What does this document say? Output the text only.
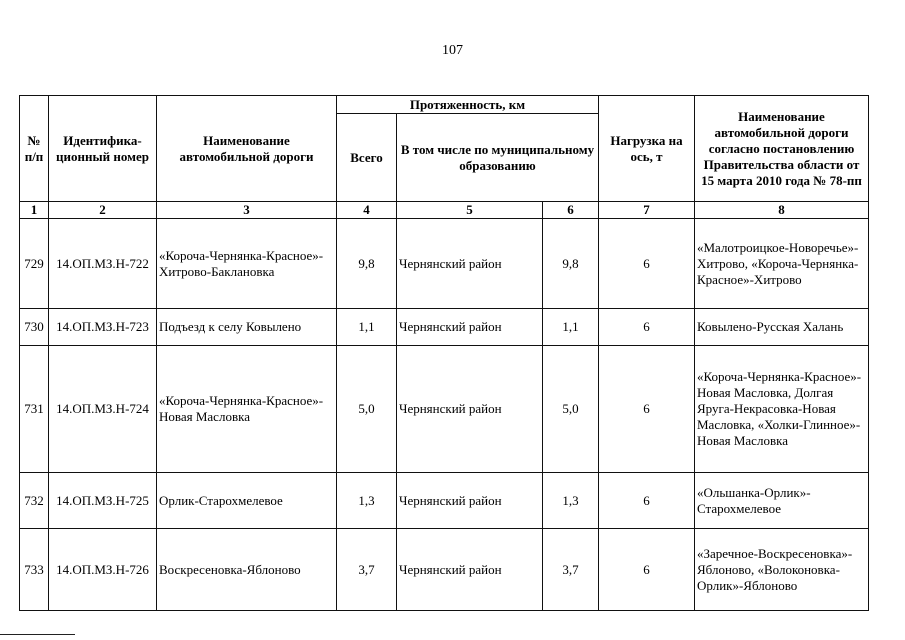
107
№ п/п	Идентифика-ционный номер	Наименование автомобильной дороги	Протяженность, км			Нагрузка на ось, т	Наименование автомобильной дороги согласно постановлению Правительства области от 15 марта 2010 года № 78-пп
			Всего	В том числе по муниципальному образованию			
1	2	3	4	5	6	7	8
729	14.ОП.МЗ.Н-722	«Короча-Чернянка-Красное»-Хитрово-Баклановка	9,8	Чернянский район	9,8	6	«Малотроицкое-Новоречье»-Хитрово, «Короча-Чернянка-Красное»-Хитрово
730	14.ОП.МЗ.Н-723	Подъезд к селу Ковылено	1,1	Чернянский район	1,1	6	Ковылено-Русская Халань
731	14.ОП.МЗ.Н-724	«Короча-Чернянка-Красное»-Новая Масловка	5,0	Чернянский район	5,0	6	«Короча-Чернянка-Красное»-Новая Масловка, Долгая Яруга-Некрасовка-Новая Масловка, «Холки-Глинное»-Новая Масловка
732	14.ОП.МЗ.Н-725	Орлик-Старохмелевое	1,3	Чернянский район	1,3	6	«Ольшанка-Орлик»-Старохмелевое
733	14.ОП.МЗ.Н-726	Воскресеновка-Яблоново	3,7	Чернянский район	3,7	6	«Заречное-Воскресеновка»-Яблоново, «Волоконовка-Орлик»-Яблоново
